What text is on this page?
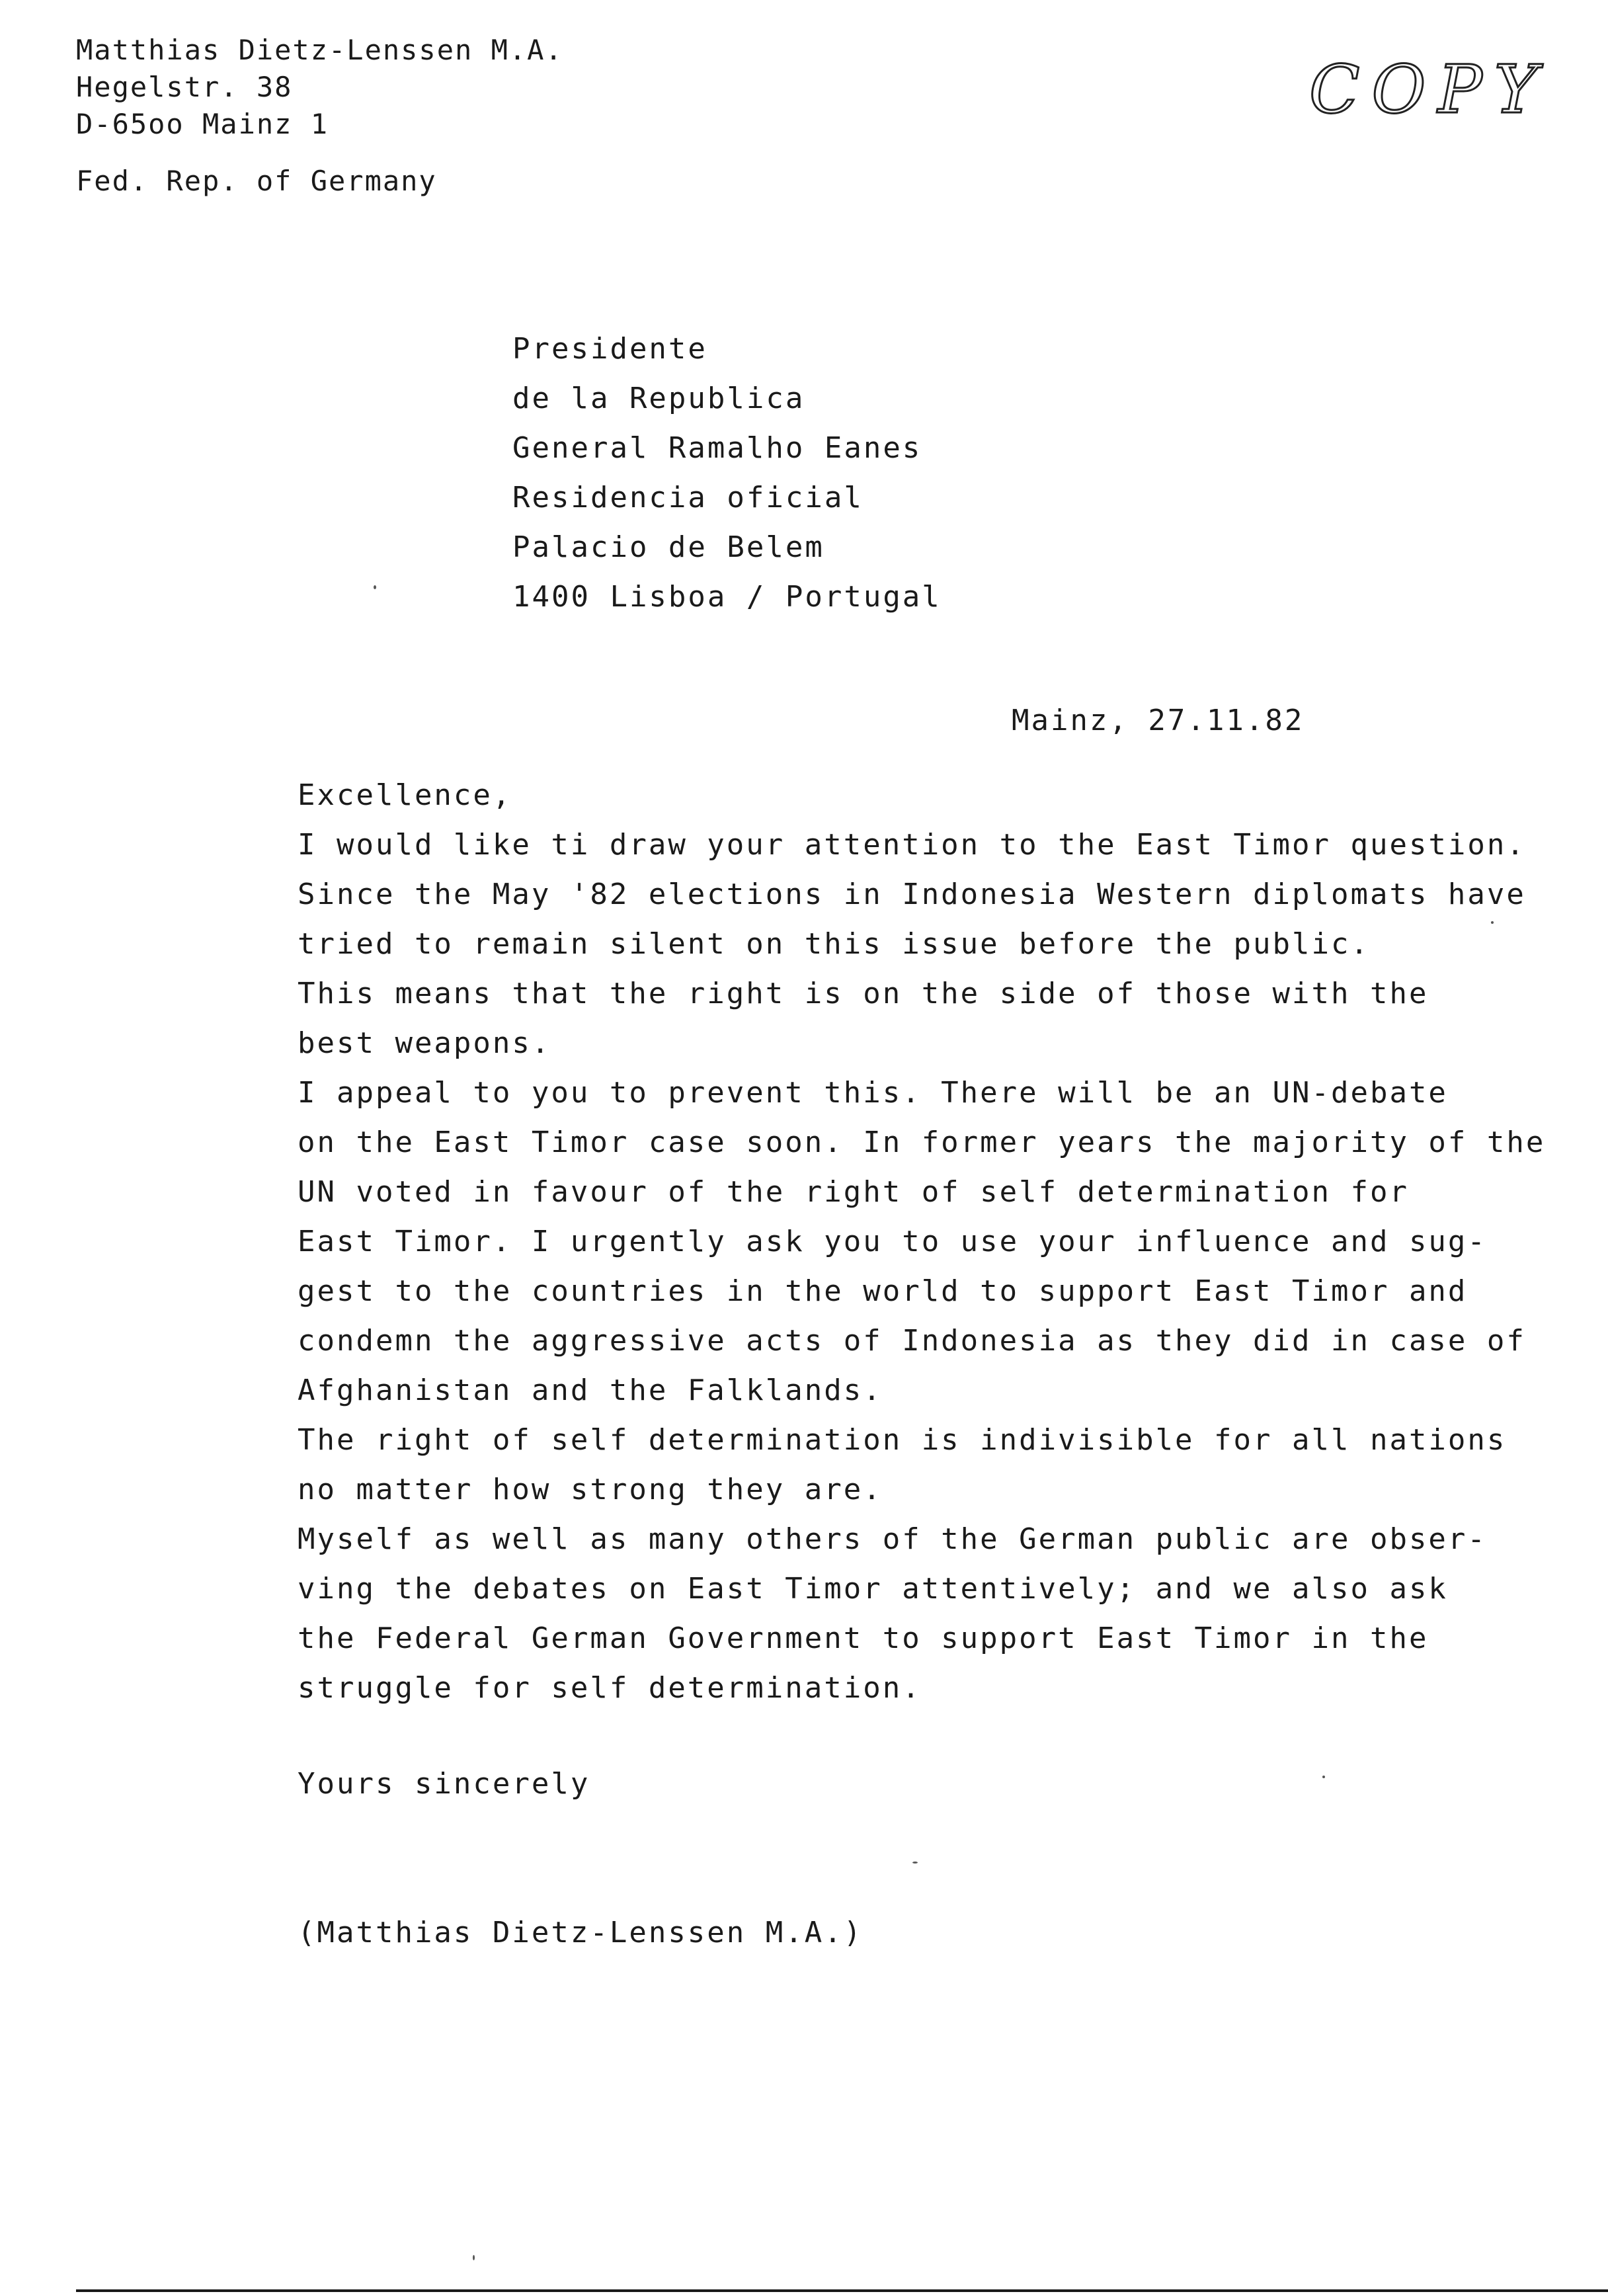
Matthias Dietz-Lenssen M.A.
Hegelstr. 38
D-65oo Mainz 1
Fed. Rep. of Germany
COPY
Presidente
de la Republica
General Ramalho Eanes
Residencia oficial
Palacio de Belem
1400 Lisboa / Portugal
Mainz, 27.11.82
Excellence,
I would like ti draw your attention to the East Timor question.
Since the May '82 elections in Indonesia Western diplomats have
tried to remain silent on this issue before the public.
This means that the right is on the side of those with the
best weapons.
I appeal to you to prevent this. There will be an UN-debate
on the East Timor case soon. In former years the majority of the
UN voted in favour of the right of self determination for
East Timor. I urgently ask you to use your influence and sug-
gest to the countries in the world to support East Timor and
condemn the aggressive acts of Indonesia as they did in case of
Afghanistan and the Falklands.
The right of self determination is indivisible for all nations
no matter how strong they are.
Myself as well as many others of the German public are obser-
ving the debates on East Timor attentively; and we also ask
the Federal German Government to support East Timor in the
struggle for self determination.
Yours sincerely
(Matthias Dietz-Lenssen M.A.)
